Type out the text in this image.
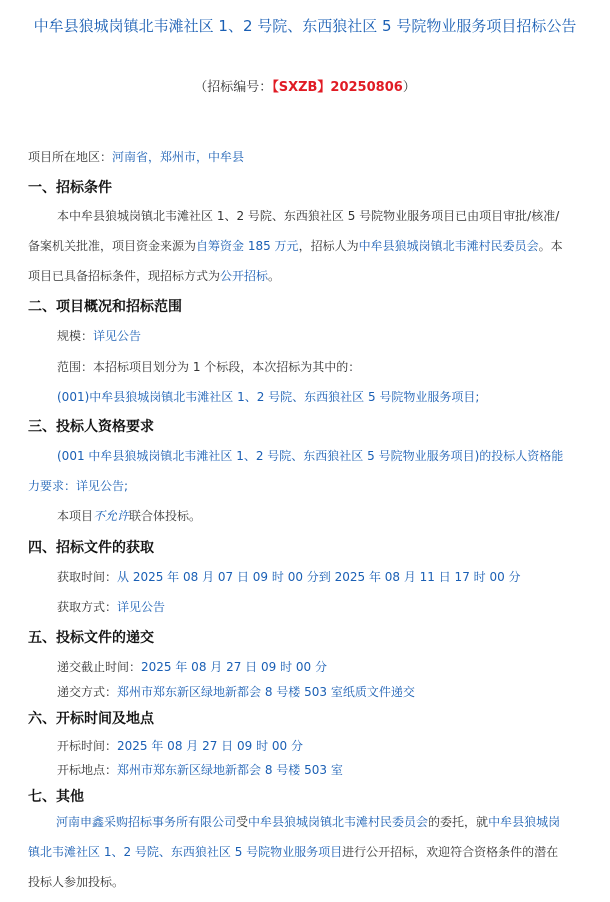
中牟县狼城岗镇北韦滩社区 1、2 号院、东西狼社区 5 号院物业服务项目招标公告
（招标编号：【SXZB】20250806）
项目所在地区：河南省，郑州市，中牟县
一、招标条件
本中牟县狼城岗镇北韦滩社区 1、2 号院、东西狼社区 5 号院物业服务项目已由项目审批/核准/备案机关批准，项目资金来源为自筹资金 185 万元，招标人为中牟县狼城岗镇北韦滩村民委员会。本项目已具备招标条件，现招标方式为公开招标。
二、项目概况和招标范围
规模：详见公告
范围：本招标项目划分为 1 个标段，本次招标为其中的：
(001)中牟县狼城岗镇北韦滩社区 1、2 号院、东西狼社区 5 号院物业服务项目;
三、投标人资格要求
(001 中牟县狼城岗镇北韦滩社区 1、2 号院、东西狼社区 5 号院物业服务项目)的投标人资格能力要求：详见公告;
本项目不允许联合体投标。
四、招标文件的获取
获取时间：从 2025 年 08 月 07 日 09 时 00 分到 2025 年 08 月 11 日 17 时 00 分
获取方式：详见公告
五、投标文件的递交
递交截止时间：2025 年 08 月 27 日 09 时 00 分
递交方式：郑州市郑东新区绿地新都会 8 号楼 503 室纸质文件递交
六、开标时间及地点
开标时间：2025 年 08 月 27 日 09 时 00 分
开标地点：郑州市郑东新区绿地新都会 8 号楼 503 室
七、其他
河南申鑫采购招标事务所有限公司受中牟县狼城岗镇北韦滩村民委员会的委托，就中牟县狼城岗镇北韦滩社区 1、2 号院、东西狼社区 5 号院物业服务项目进行公开招标，欢迎符合资格条件的潜在投标人参加投标。
